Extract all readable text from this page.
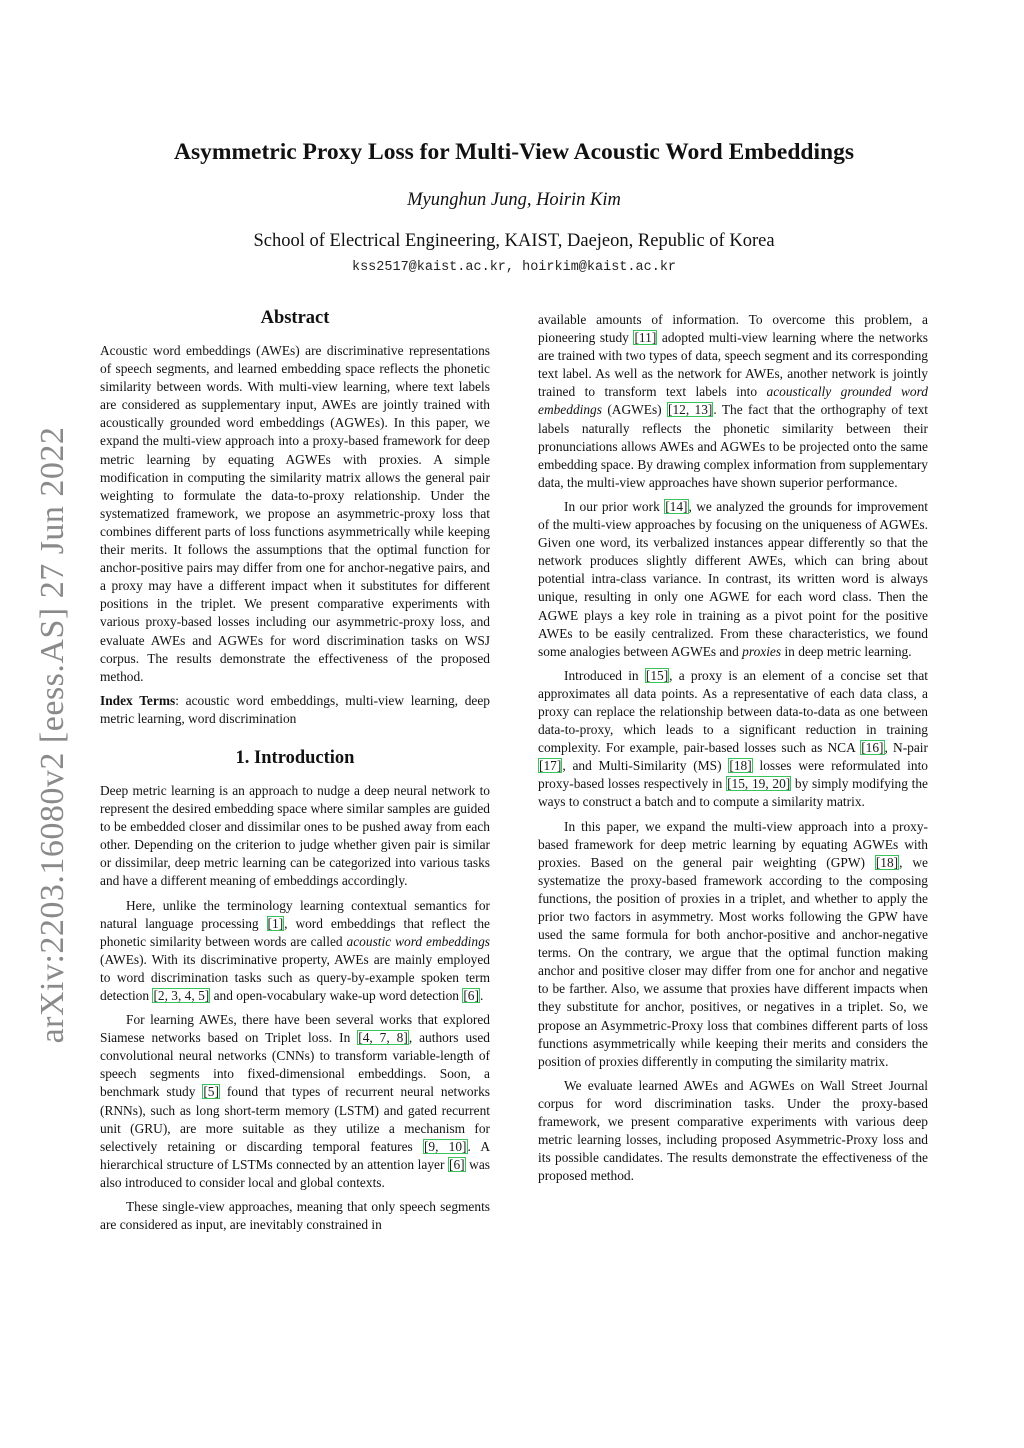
arXiv:2203.16080v2 [eess.AS] 27 Jun 2022
Asymmetric Proxy Loss for Multi-View Acoustic Word Embeddings
Myunghun Jung, Hoirin Kim
School of Electrical Engineering, KAIST, Daejeon, Republic of Korea
kss2517@kaist.ac.kr, hoirkim@kaist.ac.kr
Abstract

Acoustic word embeddings (AWEs) are discriminative representations of speech segments, and learned embedding space reflects the phonetic similarity between words. With multi-view learning, where text labels are considered as supplementary input, AWEs are jointly trained with acoustically grounded word embeddings (AGWEs). In this paper, we expand the multi-view approach into a proxy-based framework for deep metric learning by equating AGWEs with proxies. A simple modification in computing the similarity matrix allows the general pair weighting to formulate the data-to-proxy relationship. Under the systematized framework, we propose an asymmetric-proxy loss that combines different parts of loss functions asymmetrically while keeping their merits. It follows the assumptions that the optimal function for anchor-positive pairs may differ from one for anchor-negative pairs, and a proxy may have a different impact when it substitutes for different positions in the triplet. We present comparative experiments with various proxy-based losses including our asymmetric-proxy loss, and evaluate AWEs and AGWEs for word discrimination tasks on WSJ corpus. The results demonstrate the effectiveness of the proposed method.

Index Terms: acoustic word embeddings, multi-view learning, deep metric learning, word discrimination

1. Introduction

Deep metric learning is an approach to nudge a deep neural network to represent the desired embedding space where similar samples are guided to be embedded closer and dissimilar ones to be pushed away from each other. Depending on the criterion to judge whether given pair is similar or dissimilar, deep metric learning can be categorized into various tasks and have a different meaning of embeddings accordingly.

Here, unlike the terminology learning contextual semantics for natural language processing [1], word embeddings that reflect the phonetic similarity between words are called acoustic word embeddings (AWEs). With its discriminative property, AWEs are mainly employed to word discrimination tasks such as query-by-example spoken term detection [2, 3, 4, 5] and open-vocabulary wake-up word detection [6].

For learning AWEs, there have been several works that explored Siamese networks based on Triplet loss. In [4, 7, 8], authors used convolutional neural networks (CNNs) to transform variable-length of speech segments into fixed-dimensional embeddings. Soon, a benchmark study [5] found that types of recurrent neural networks (RNNs), such as long short-term memory (LSTM) and gated recurrent unit (GRU), are more suitable as they utilize a mechanism for selectively retaining or discarding temporal features [9, 10]. A hierarchical structure of LSTMs connected by an attention layer [6] was also introduced to consider local and global contexts.

These single-view approaches, meaning that only speech segments are considered as input, are inevitably constrained in

available amounts of information. To overcome this problem, a pioneering study [11] adopted multi-view learning where the networks are trained with two types of data, speech segment and its corresponding text label. As well as the network for AWEs, another network is jointly trained to transform text labels into acoustically grounded word embeddings (AGWEs) [12, 13]. The fact that the orthography of text labels naturally reflects the phonetic similarity between their pronunciations allows AWEs and AGWEs to be projected onto the same embedding space. By drawing complex information from supplementary data, the multi-view approaches have shown superior performance.

In our prior work [14], we analyzed the grounds for improvement of the multi-view approaches by focusing on the uniqueness of AGWEs. Given one word, its verbalized instances appear differently so that the network produces slightly different AWEs, which can bring about potential intra-class variance. In contrast, its written word is always unique, resulting in only one AGWE for each word class. Then the AGWE plays a key role in training as a pivot point for the positive AWEs to be easily centralized. From these characteristics, we found some analogies between AGWEs and proxies in deep metric learning.

Introduced in [15], a proxy is an element of a concise set that approximates all data points. As a representative of each data class, a proxy can replace the relationship between data-to-data as one between data-to-proxy, which leads to a significant reduction in training complexity. For example, pair-based losses such as NCA [16], N-pair [17], and Multi-Similarity (MS) [18] losses were reformulated into proxy-based losses respectively in [15, 19, 20] by simply modifying the ways to construct a batch and to compute a similarity matrix.

In this paper, we expand the multi-view approach into a proxy-based framework for deep metric learning by equating AGWEs with proxies. Based on the general pair weighting (GPW) [18], we systematize the proxy-based framework according to the composing functions, the position of proxies in a triplet, and whether to apply the prior two factors in asymmetry. Most works following the GPW have used the same formula for both anchor-positive and anchor-negative terms. On the contrary, we argue that the optimal function making anchor and positive closer may differ from one for anchor and negative to be farther. Also, we assume that proxies have different impacts when they substitute for anchor, positives, or negatives in a triplet. So, we propose an Asymmetric-Proxy loss that combines different parts of loss functions asymmetrically while keeping their merits and considers the position of proxies differently in computing the similarity matrix.

We evaluate learned AWEs and AGWEs on Wall Street Journal corpus for word discrimination tasks. Under the proxy-based framework, we present comparative experiments with various deep metric learning losses, including proposed Asymmetric-Proxy loss and its possible candidates. The results demonstrate the effectiveness of the proposed method.
